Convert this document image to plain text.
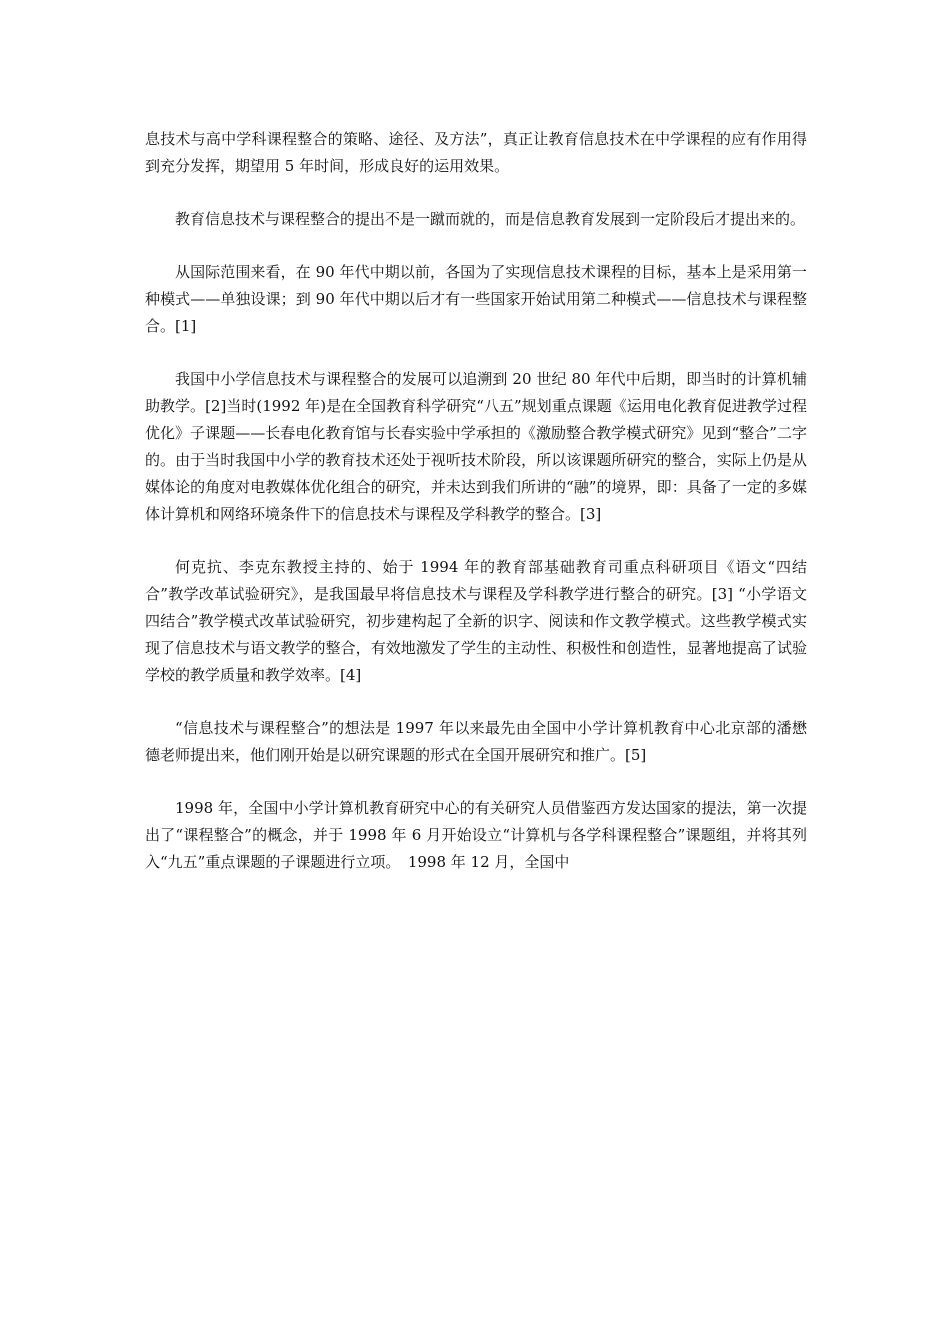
息技术与高中学科课程整合的策略、途径、及方法”，真正让教育信息技术在中学课程的应有作用得到充分发挥，期望用 5 年时间，形成良好的运用效果。

教育信息技术与课程整合的提出不是一蹴而就的，而是信息教育发展到一定阶段后才提出来的。

从国际范围来看，在 90 年代中期以前，各国为了实现信息技术课程的目标，基本上是采用第一种模式——单独设课；到 90 年代中期以后才有一些国家开始试用第二种模式——信息技术与课程整合。[1]

我国中小学信息技术与课程整合的发展可以追溯到 20 世纪 80 年代中后期，即当时的计算机辅助教学。[2]当时(1992 年)是在全国教育科学研究“八五”规划重点课题《运用电化教育促进教学过程优化》子课题——长春电化教育馆与长春实验中学承担的《激励整合教学模式研究》见到“整合”二字的。由于当时我国中小学的教育技术还处于视听技术阶段，所以该课题所研究的整合，实际上仍是从媒体论的角度对电教媒体优化组合的研究，并未达到我们所讲的“融”的境界，即：具备了一定的多媒体计算机和网络环境条件下的信息技术与课程及学科教学的整合。[3]

何克抗、李克东教授主持的、始于 1994 年的教育部基础教育司重点科研项目《语文“四结合”教学改革试验研究》，是我国最早将信息技术与课程及学科教学进行整合的研究。[3] “小学语文四结合”教学模式改革试验研究，初步建构起了全新的识字、阅读和作文教学模式。这些教学模式实现了信息技术与语文教学的整合，有效地激发了学生的主动性、积极性和创造性，显著地提高了试验学校的教学质量和教学效率。[4]

“信息技术与课程整合”的想法是 1997 年以来最先由全国中小学计算机教育中心北京部的潘懋德老师提出来，他们刚开始是以研究课题的形式在全国开展研究和推广。[5]

1998 年，全国中小学计算机教育研究中心的有关研究人员借鉴西方发达国家的提法，第一次提出了“课程整合”的概念，并于 1998 年 6 月开始设立“计算机与各学科课程整合”课题组，并将其列入“九五”重点课题的子课题进行立项。　1998 年 12 月，全国中
